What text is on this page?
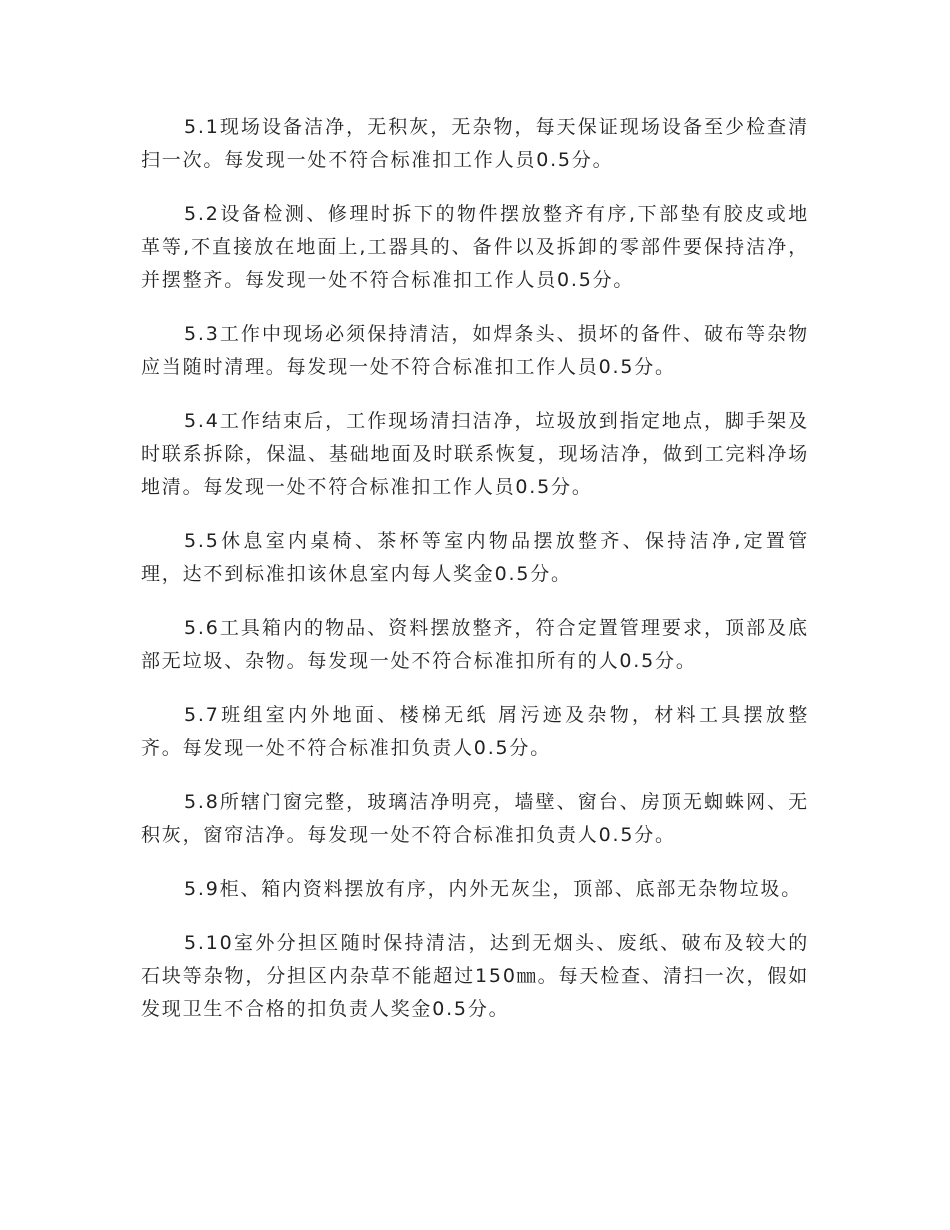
5.1现场设备洁净，无积灰，无杂物，每天保证现场设备至少检查清扫一次。每发现一处不符合标准扣工作人员0.5分。

5.2设备检测、修理时拆下的物件摆放整齐有序,下部垫有胶皮或地革等,不直接放在地面上,工器具的、备件以及拆卸的零部件要保持洁净，并摆整齐。每发现一处不符合标准扣工作人员0.5分。

5.3工作中现场必须保持清洁，如焊条头、损坏的备件、破布等杂物应当随时清理。每发现一处不符合标准扣工作人员0.5分。

5.4工作结束后，工作现场清扫洁净，垃圾放到指定地点，脚手架及时联系拆除，保温、基础地面及时联系恢复，现场洁净，做到工完料净场地清。每发现一处不符合标准扣工作人员0.5分。

5.5休息室内桌椅、茶杯等室内物品摆放整齐、保持洁净,定置管理，达不到标准扣该休息室内每人奖金0.5分。

5.6工具箱内的物品、资料摆放整齐，符合定置管理要求，顶部及底部无垃圾、杂物。每发现一处不符合标准扣所有的人0.5分。

5.7班组室内外地面、楼梯无纸 屑污迹及杂物，材料工具摆放整齐。每发现一处不符合标准扣负责人0.5分。

5.8所辖门窗完整，玻璃洁净明亮，墙壁、窗台、房顶无蜘蛛网、无积灰，窗帘洁净。每发现一处不符合标准扣负责人0.5分。

5.9柜、箱内资料摆放有序，内外无灰尘，顶部、底部无杂物垃圾。

5.10室外分担区随时保持清洁，达到无烟头、废纸、破布及较大的石块等杂物，分担区内杂草不能超过150㎜。每天检查、清扫一次，假如发现卫生不合格的扣负责人奖金0.5分。
